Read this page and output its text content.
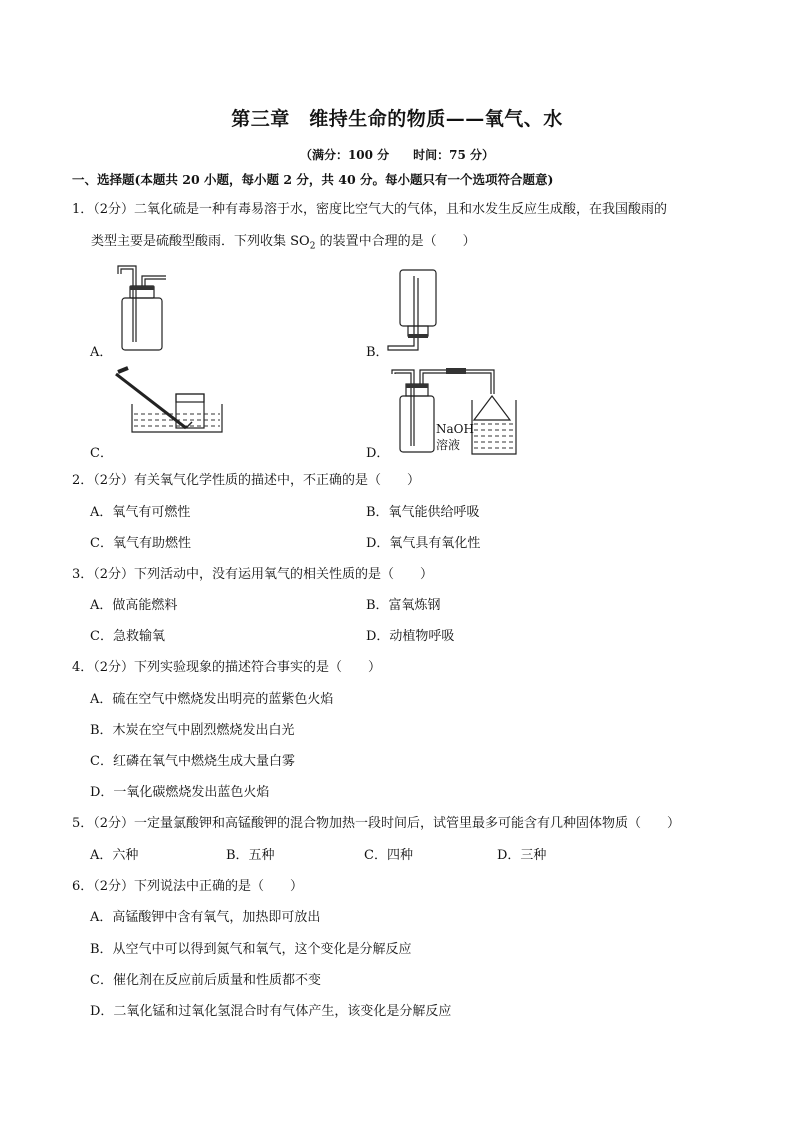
第三章　维持生命的物质——氧气、水
（满分：100 分　　时间：75 分）
一、选择题(本题共 20 小题，每小题 2 分，共 40 分。每小题只有一个选项符合题意)
1．（2分）二氧化硫是一种有毒易溶于水，密度比空气大的气体，且和水发生反应生成酸，在我国酸雨的
类型主要是硫酸型酸雨．下列收集 $SO_2$ 的装置中合理的是（　　）
A．	B．
C．	D．
NaOH
溶液
2．（2分）有关氧气化学性质的描述中，不正确的是（　　）
A．氧气有可燃性	B．氧气能供给呼吸
C．氧气有助燃性	D．氧气具有氧化性
3．（2分）下列活动中，没有运用氧气的相关性质的是（　　）
A．做高能燃料	B．富氧炼钢
C．急救输氧	D．动植物呼吸
4．（2分）下列实验现象的描述符合事实的是（　　）
A．硫在空气中燃烧发出明亮的蓝紫色火焰
B．木炭在空气中剧烈燃烧发出白光
C．红磷在氧气中燃烧生成大量白雾
D．一氧化碳燃烧发出蓝色火焰
5．（2分）一定量氯酸钾和高锰酸钾的混合物加热一段时间后，试管里最多可能含有几种固体物质（　　）
A．六种	B．五种	C．四种	D．三种
6．（2分）下列说法中正确的是（　　）
A．高锰酸钾中含有氧气，加热即可放出
B．从空气中可以得到氮气和氧气，这个变化是分解反应
C．催化剂在反应前后质量和性质都不变
D．二氧化锰和过氧化氢混合时有气体产生，该变化是分解反应
